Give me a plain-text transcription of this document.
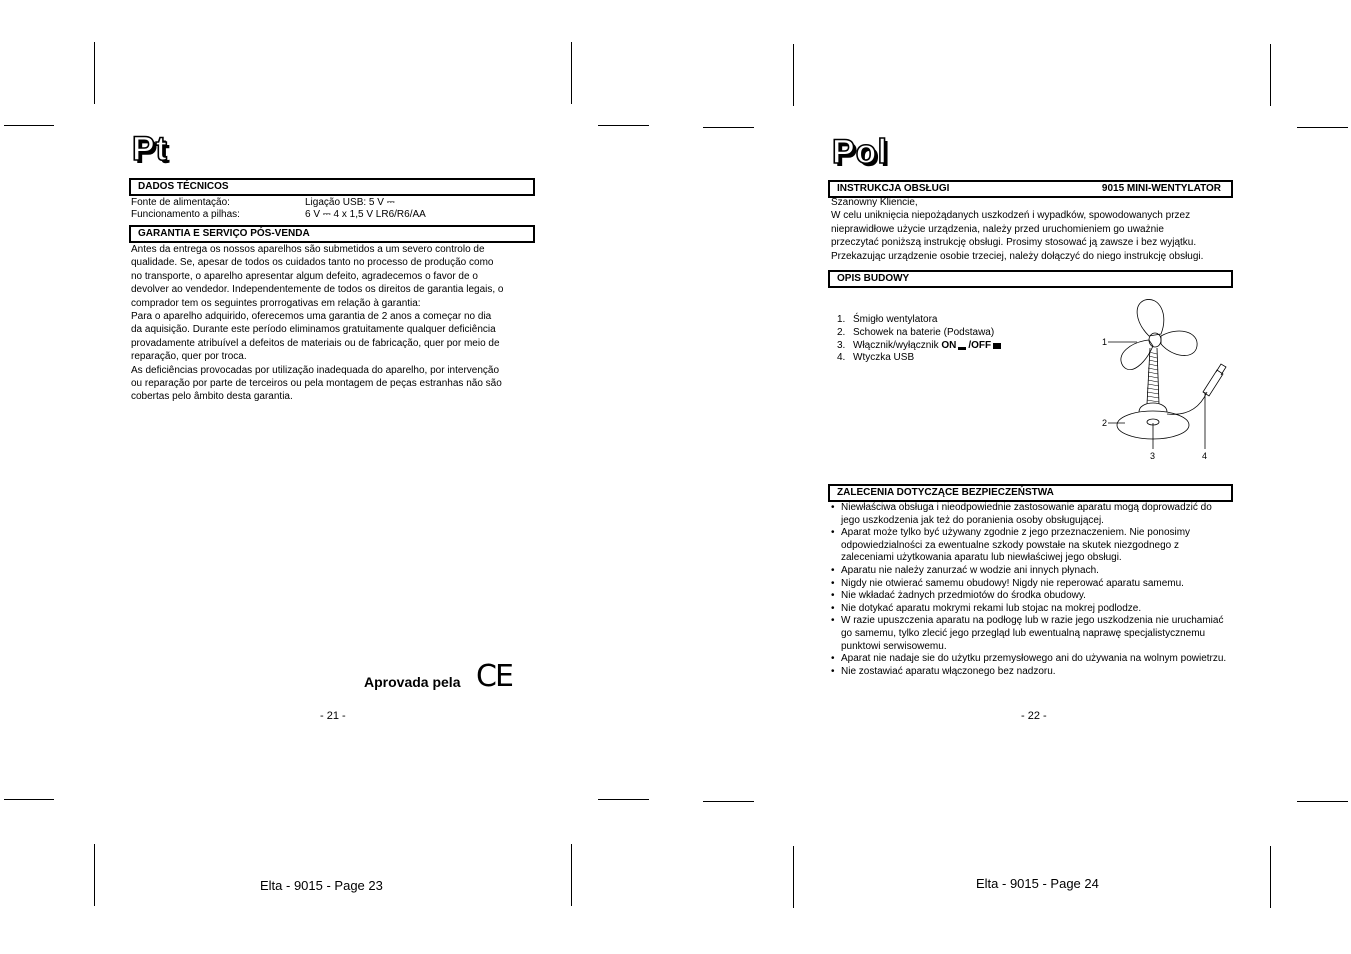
Pt
DADOS TÉCNICOS
Fonte de alimentação:	Ligação USB: 5 V ⎓
Funcionamento a pilhas:	6 V ⎓ 4 x 1,5 V LR6/R6/AA
GARANTIA E SERVIÇO PÓS-VENDA
Antes da entrega os nossos aparelhos são submetidos a um severo controlo de
qualidade. Se, apesar de todos os cuidados tanto no processo de produção como
no transporte, o aparelho apresentar algum defeito, agradecemos o favor de o
devolver ao vendedor. Independentemente de todos os direitos de garantia legais, o
comprador tem os seguintes prorrogativas em relação à garantia:
Para o aparelho adquirido, oferecemos uma garantia de 2 anos a começar no dia
da aquisição. Durante este período eliminamos gratuitamente qualquer deficiência
provadamente atribuível a defeitos de materiais ou de fabricação, quer por meio de
reparação, quer por troca.
As deficiências provocadas por utilização inadequada do aparelho, por intervenção
ou reparação por parte de terceiros ou pela montagem de peças estranhas não são
cobertas pelo âmbito desta garantia.
Aprovada pela CE
- 21 -
Elta - 9015 - Page 23
Pol
INSTRUKCJA OBSŁUGI	9015 MINI-WENTYLATOR
Szanowny Kliencie,
W celu uniknięcia niepożądanych uszkodzeń i wypadków, spowodowanych przez
nieprawidłowe użycie urządzenia, należy przed uruchomieniem go uważnie
przeczytać poniższą instrukcję obsługi. Prosimy stosować ją zawsze i bez wyjątku.
Przekazując urządzenie osobie trzeciej, należy dołączyć do niego instrukcję obsługi.
OPIS BUDOWY
1. Śmigło wentylatora
2. Schowek na baterie (Podstawa)
3. Włącznik/wyłącznik ON /OFF
4. Wtyczka USB
1
2
3	4
ZALECENIA DOTYCZĄCE BEZPIECZEŃSTWA
• Niewłaściwa obsługa i nieodpowiednie zastosowanie aparatu mogą doprowadzić do jego uszkodzenia jak też do poranienia osoby obsługującej.
• Aparat może tylko być używany zgodnie z jego przeznaczeniem. Nie ponosimy odpowiedzialności za ewentualne szkody powstałe na skutek niezgodnego z zaleceniami użytkowania aparatu lub niewłaściwej jego obsługi.
• Aparatu nie należy zanurzać w wodzie ani innych płynach.
• Nigdy nie otwierać samemu obudowy! Nigdy nie reperować aparatu samemu.
• Nie wkładać żadnych przedmiotów do środka obudowy.
• Nie dotykać aparatu mokrymi rekami lub stojac na mokrej podlodze.
• W razie upuszczenia aparatu na podłogę lub w razie jego uszkodzenia nie uruchamiać go samemu, tylko zlecić jego przegląd lub ewentualną naprawę specjalistycznemu punktowi serwisowemu.
• Aparat nie nadaje sie do użytku przemysłowego ani do używania na wolnym powietrzu.
• Nie zostawiać aparatu włączonego bez nadzoru.
- 22 -
Elta - 9015 - Page 24
